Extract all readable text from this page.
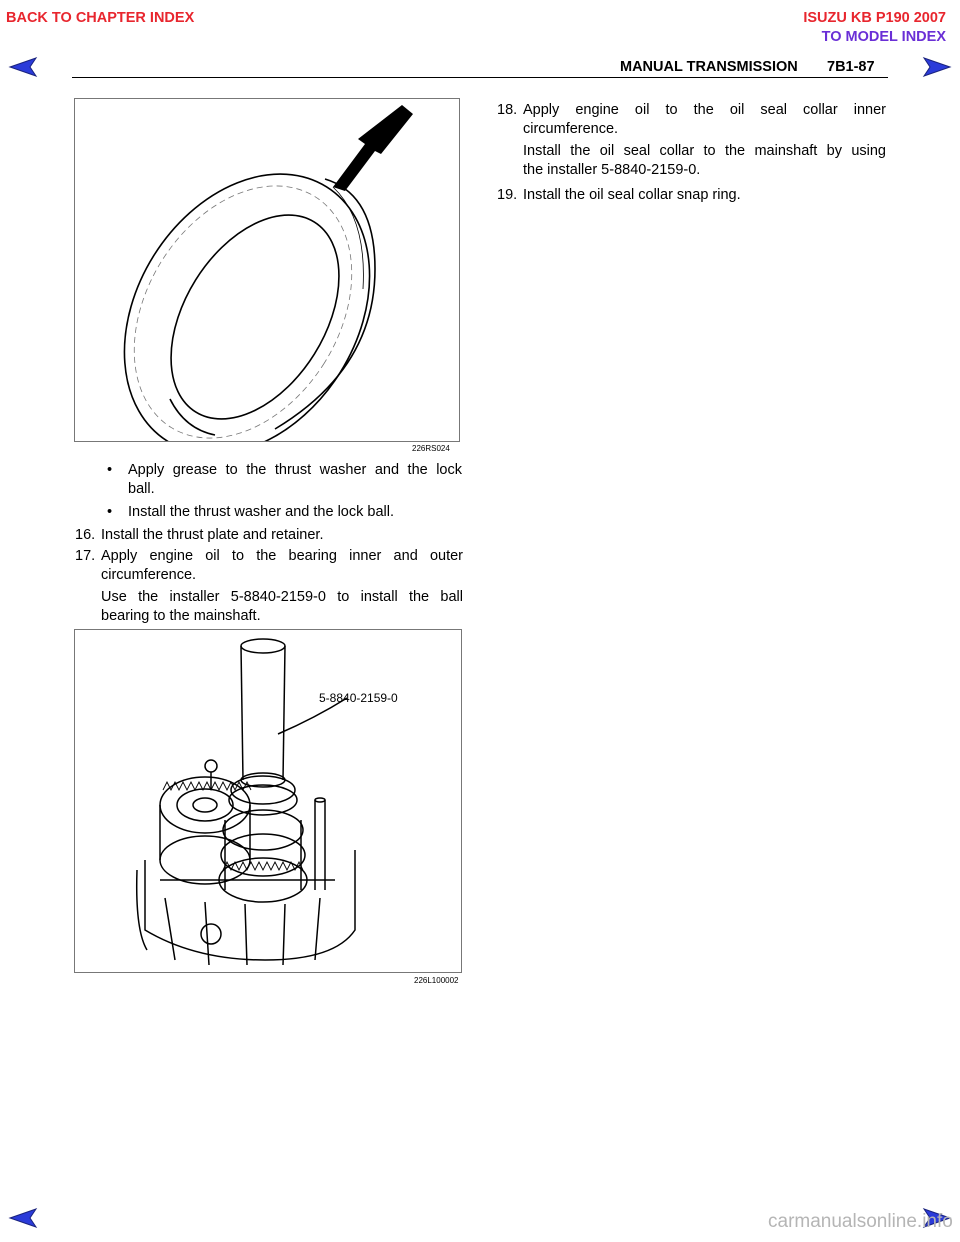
BACK TO CHAPTER INDEX	ISUZU KB P190 2007
TO MODEL INDEX
MANUAL TRANSMISSION 7B1-87
226RS024
• Apply grease to the thrust washer and the lock
ball.
• Install the thrust washer and the lock ball.
16. Install the thrust plate and retainer.
17. Apply engine oil to the bearing inner and outer
circumference.
Use the installer 5-8840-2159-0 to install the ball
bearing to the mainshaft.
5-8840-2159-0
226L100002
18. Apply engine oil to the oil seal collar inner
circumference.
Install the oil seal collar to the mainshaft by using
the installer 5-8840-2159-0.
19. Install the oil seal collar snap ring.
carmanualsonline.info
